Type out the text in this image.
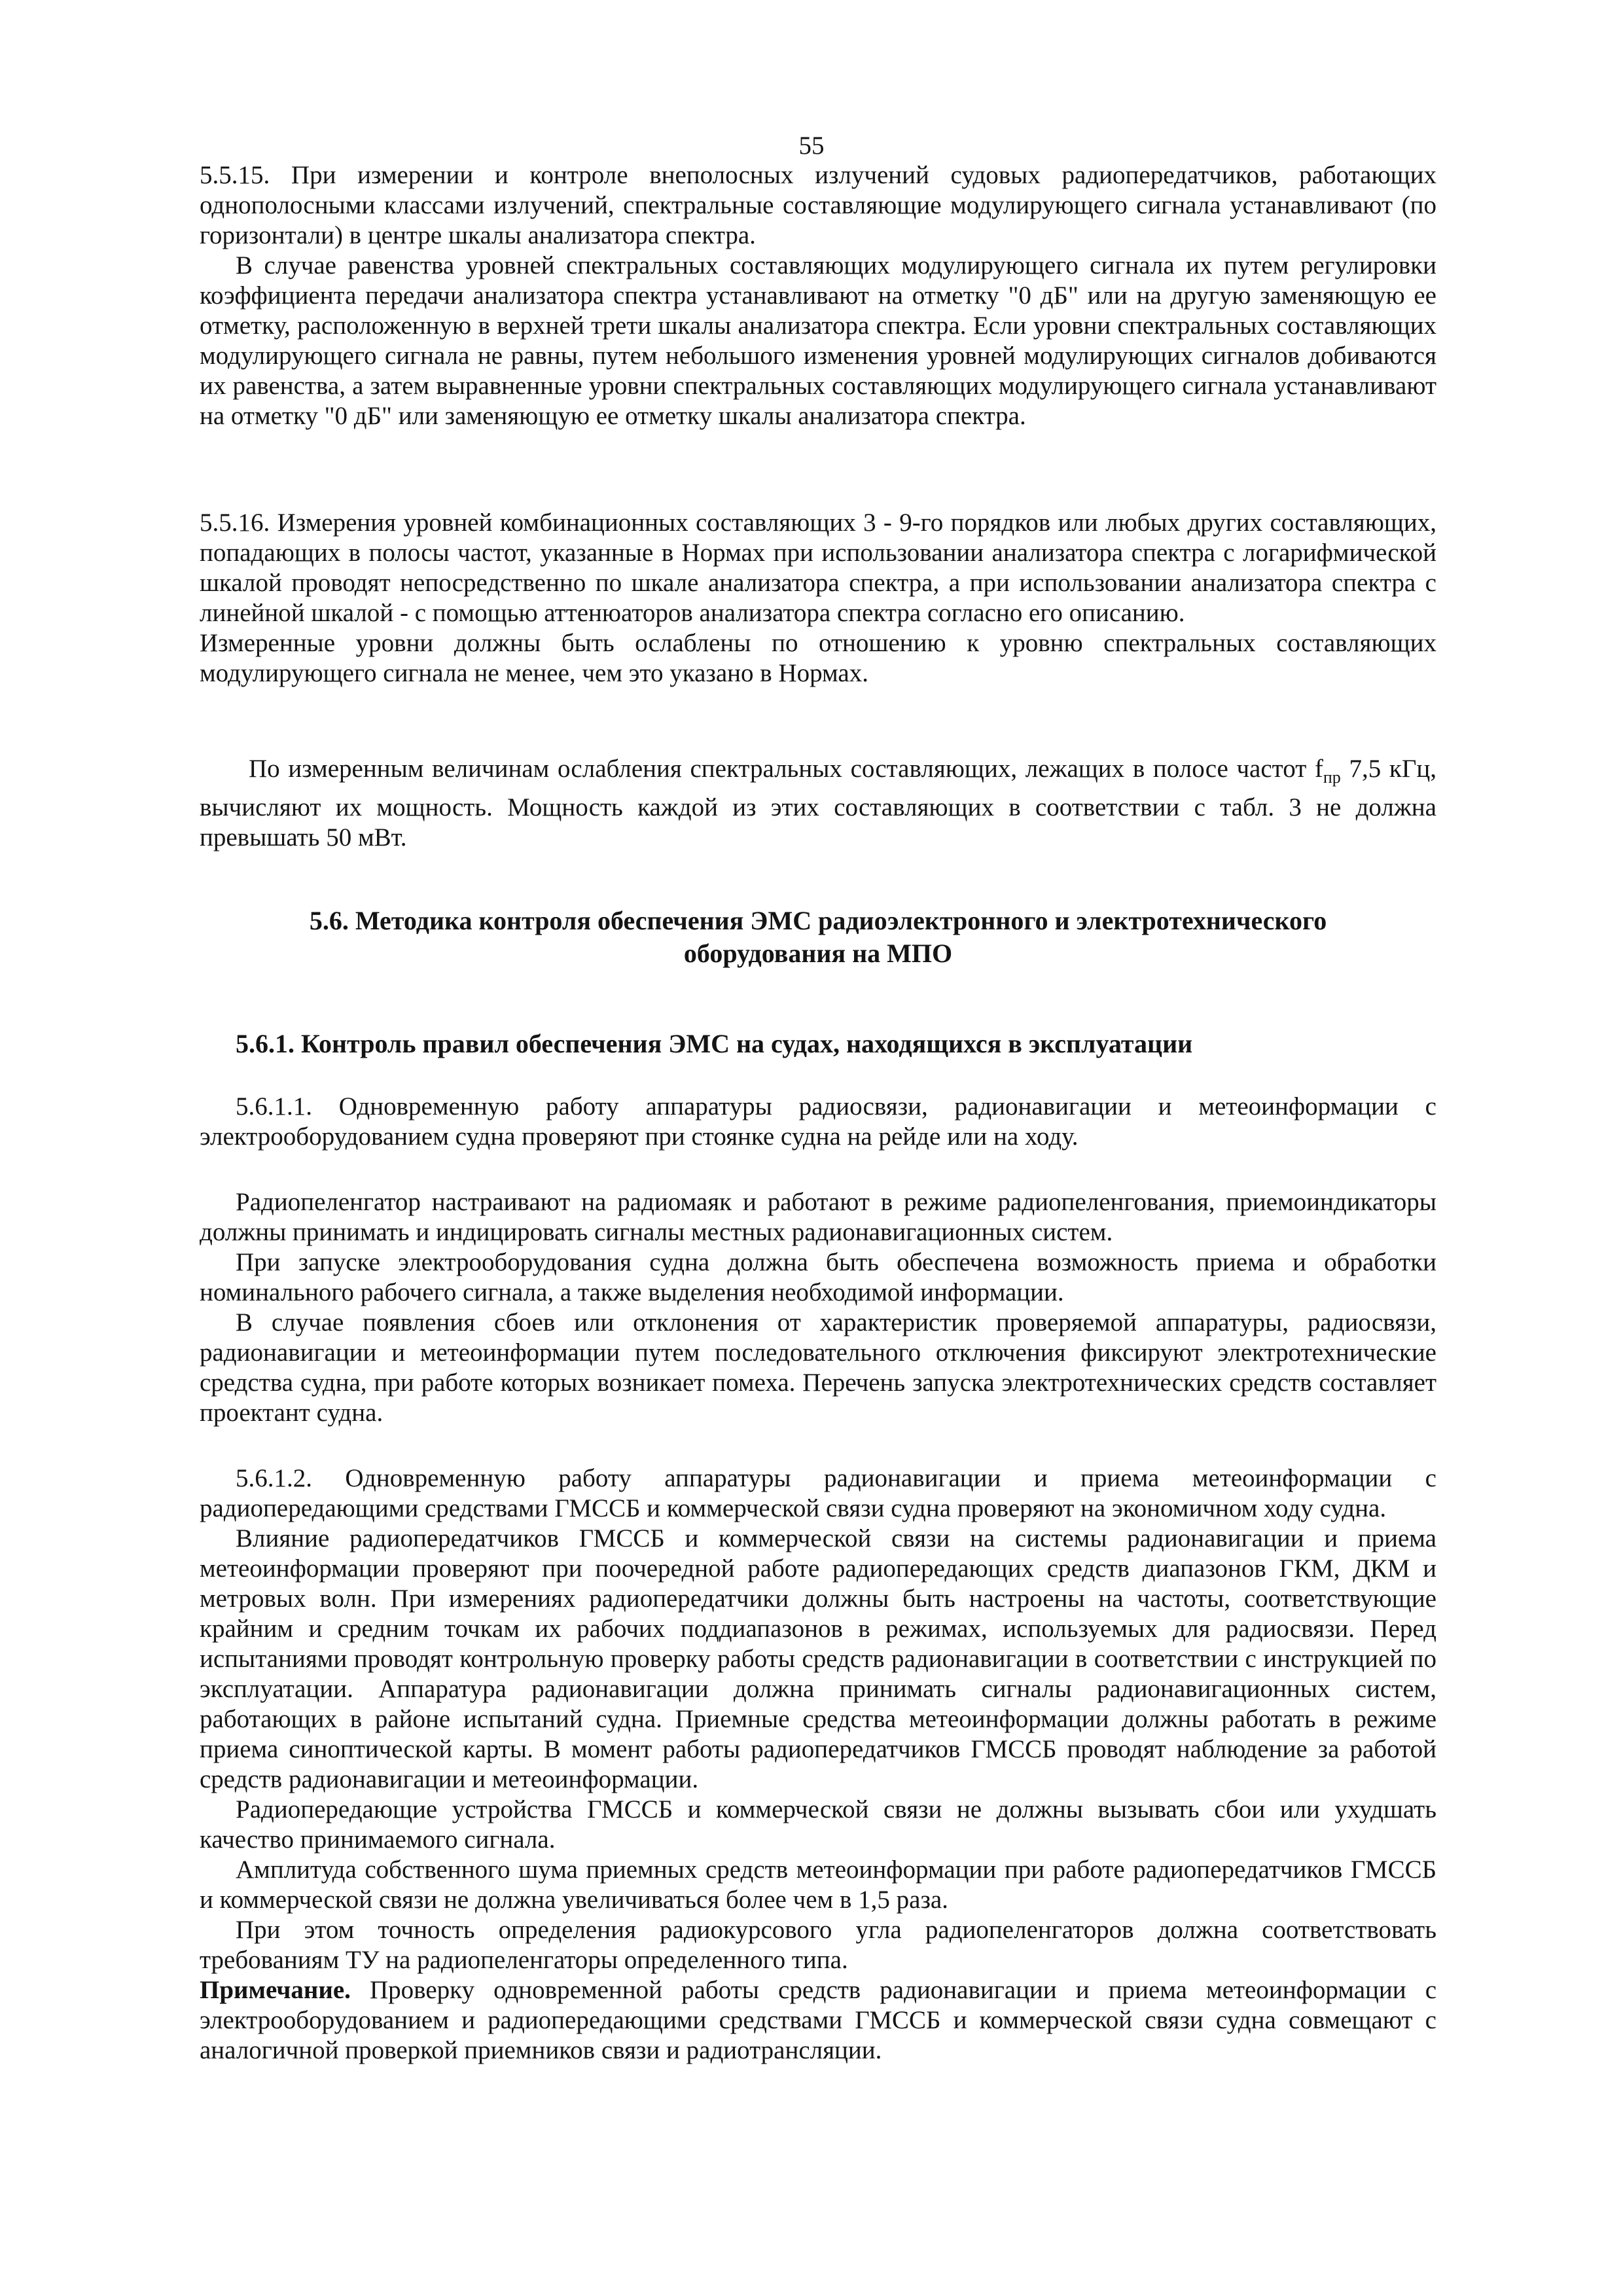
55

5.5.15. При измерении и контроле внеполосных излучений судовых радиопередатчиков, работающих однополосными классами излучений, спектральные составляющие модулирующего сигнала устанавливают (по горизонтали) в центре шкалы анализатора спектра.

В случае равенства уровней спектральных составляющих модулирующего сигнала их путем регулировки коэффициента передачи анализатора спектра устанавливают на отметку "0 дБ" или на другую заменяющую ее отметку, расположенную в верхней трети шкалы анализатора спектра. Если уровни спектральных составляющих модулирующего сигнала не равны, путем небольшого изменения уровней модулирующих сигналов добиваются их равенства, а затем выравненные уровни спектральных составляющих модулирующего сигнала устанавливают на отметку "0 дБ" или заменяющую ее отметку шкалы анализатора спектра.

5.5.16. Измерения уровней комбинационных составляющих 3 - 9-го порядков или любых других составляющих, попадающих в полосы частот, указанные в Нормах при использовании анализатора спектра с логарифмической шкалой проводят непосредственно по шкале анализатора спектра, а при использовании анализатора спектра с линейной шкалой - с помощью аттенюаторов анализатора спектра согласно его описанию.

Измеренные уровни должны быть ослаблены по отношению к уровню спектральных составляющих модулирующего сигнала не менее, чем это указано в Нормах.

По измеренным величинам ослабления спектральных составляющих, лежащих в полосе частот $f_{пр}$ 7,5 кГц, вычисляют их мощность. Мощность каждой из этих составляющих в соответствии с табл. 3 не должна превышать 50 мВт.

5.6. Методика контроля обеспечения ЭМС радиоэлектронного и электротехнического
оборудования на МПО
5.6.1. Контроль правил обеспечения ЭМС на судах, находящихся в эксплуатации

5.6.1.1. Одновременную работу аппаратуры радиосвязи, радионавигации и метеоинформации с электрооборудованием судна проверяют при стоянке судна на рейде или на ходу.

Радиопеленгатор настраивают на радиомаяк и работают в режиме радиопеленгования, приемоиндикаторы должны принимать и индицировать сигналы местных радионавигационных систем.

При запуске электрооборудования судна должна быть обеспечена возможность приема и обработки номинального рабочего сигнала, а также выделения необходимой информации.

В случае появления сбоев или отклонения от характеристик проверяемой аппаратуры, радиосвязи, радионавигации и метеоинформации путем последовательного отключения фиксируют электротехнические средства судна, при работе которых возникает помеха. Перечень запуска электротехнических средств составляет проектант судна.

5.6.1.2. Одновременную работу аппаратуры радионавигации и приема метеоинформации с радиопередающими средствами ГМССБ и коммерческой связи судна проверяют на экономичном ходу судна.

Влияние радиопередатчиков ГМССБ и коммерческой связи на системы радионавигации и приема метеоинформации проверяют при поочередной работе радиопередающих средств диапазонов ГКМ, ДКМ и метровых волн. При измерениях радиопередатчики должны быть настроены на частоты, соответствующие крайним и средним точкам их рабочих поддиапазонов в режимах, используемых для радиосвязи. Перед испытаниями проводят контрольную проверку работы средств радионавигации в соответствии с инструкцией по эксплуатации. Аппаратура радионавигации должна принимать сигналы радионавигационных систем, работающих в районе испытаний судна. Приемные средства метеоинформации должны работать в режиме приема синоптической карты. В момент работы радиопередатчиков ГМССБ проводят наблюдение за работой средств радионавигации и метеоинформации.

Радиопередающие устройства ГМССБ и коммерческой связи не должны вызывать сбои или ухудшать качество принимаемого сигнала.

Амплитуда собственного шума приемных средств метеоинформации при работе радиопередатчиков ГМССБ и коммерческой связи не должна увеличиваться более чем в 1,5 раза.

При этом точность определения радиокурсового угла радиопеленгаторов должна соответствовать требованиям ТУ на радиопеленгаторы определенного типа.

Примечание. Проверку одновременной работы средств радионавигации и приема метеоинформации с электрооборудованием и радиопередающими средствами ГМССБ и коммерческой связи судна совмещают с аналогичной проверкой приемников связи и радиотрансляции.
